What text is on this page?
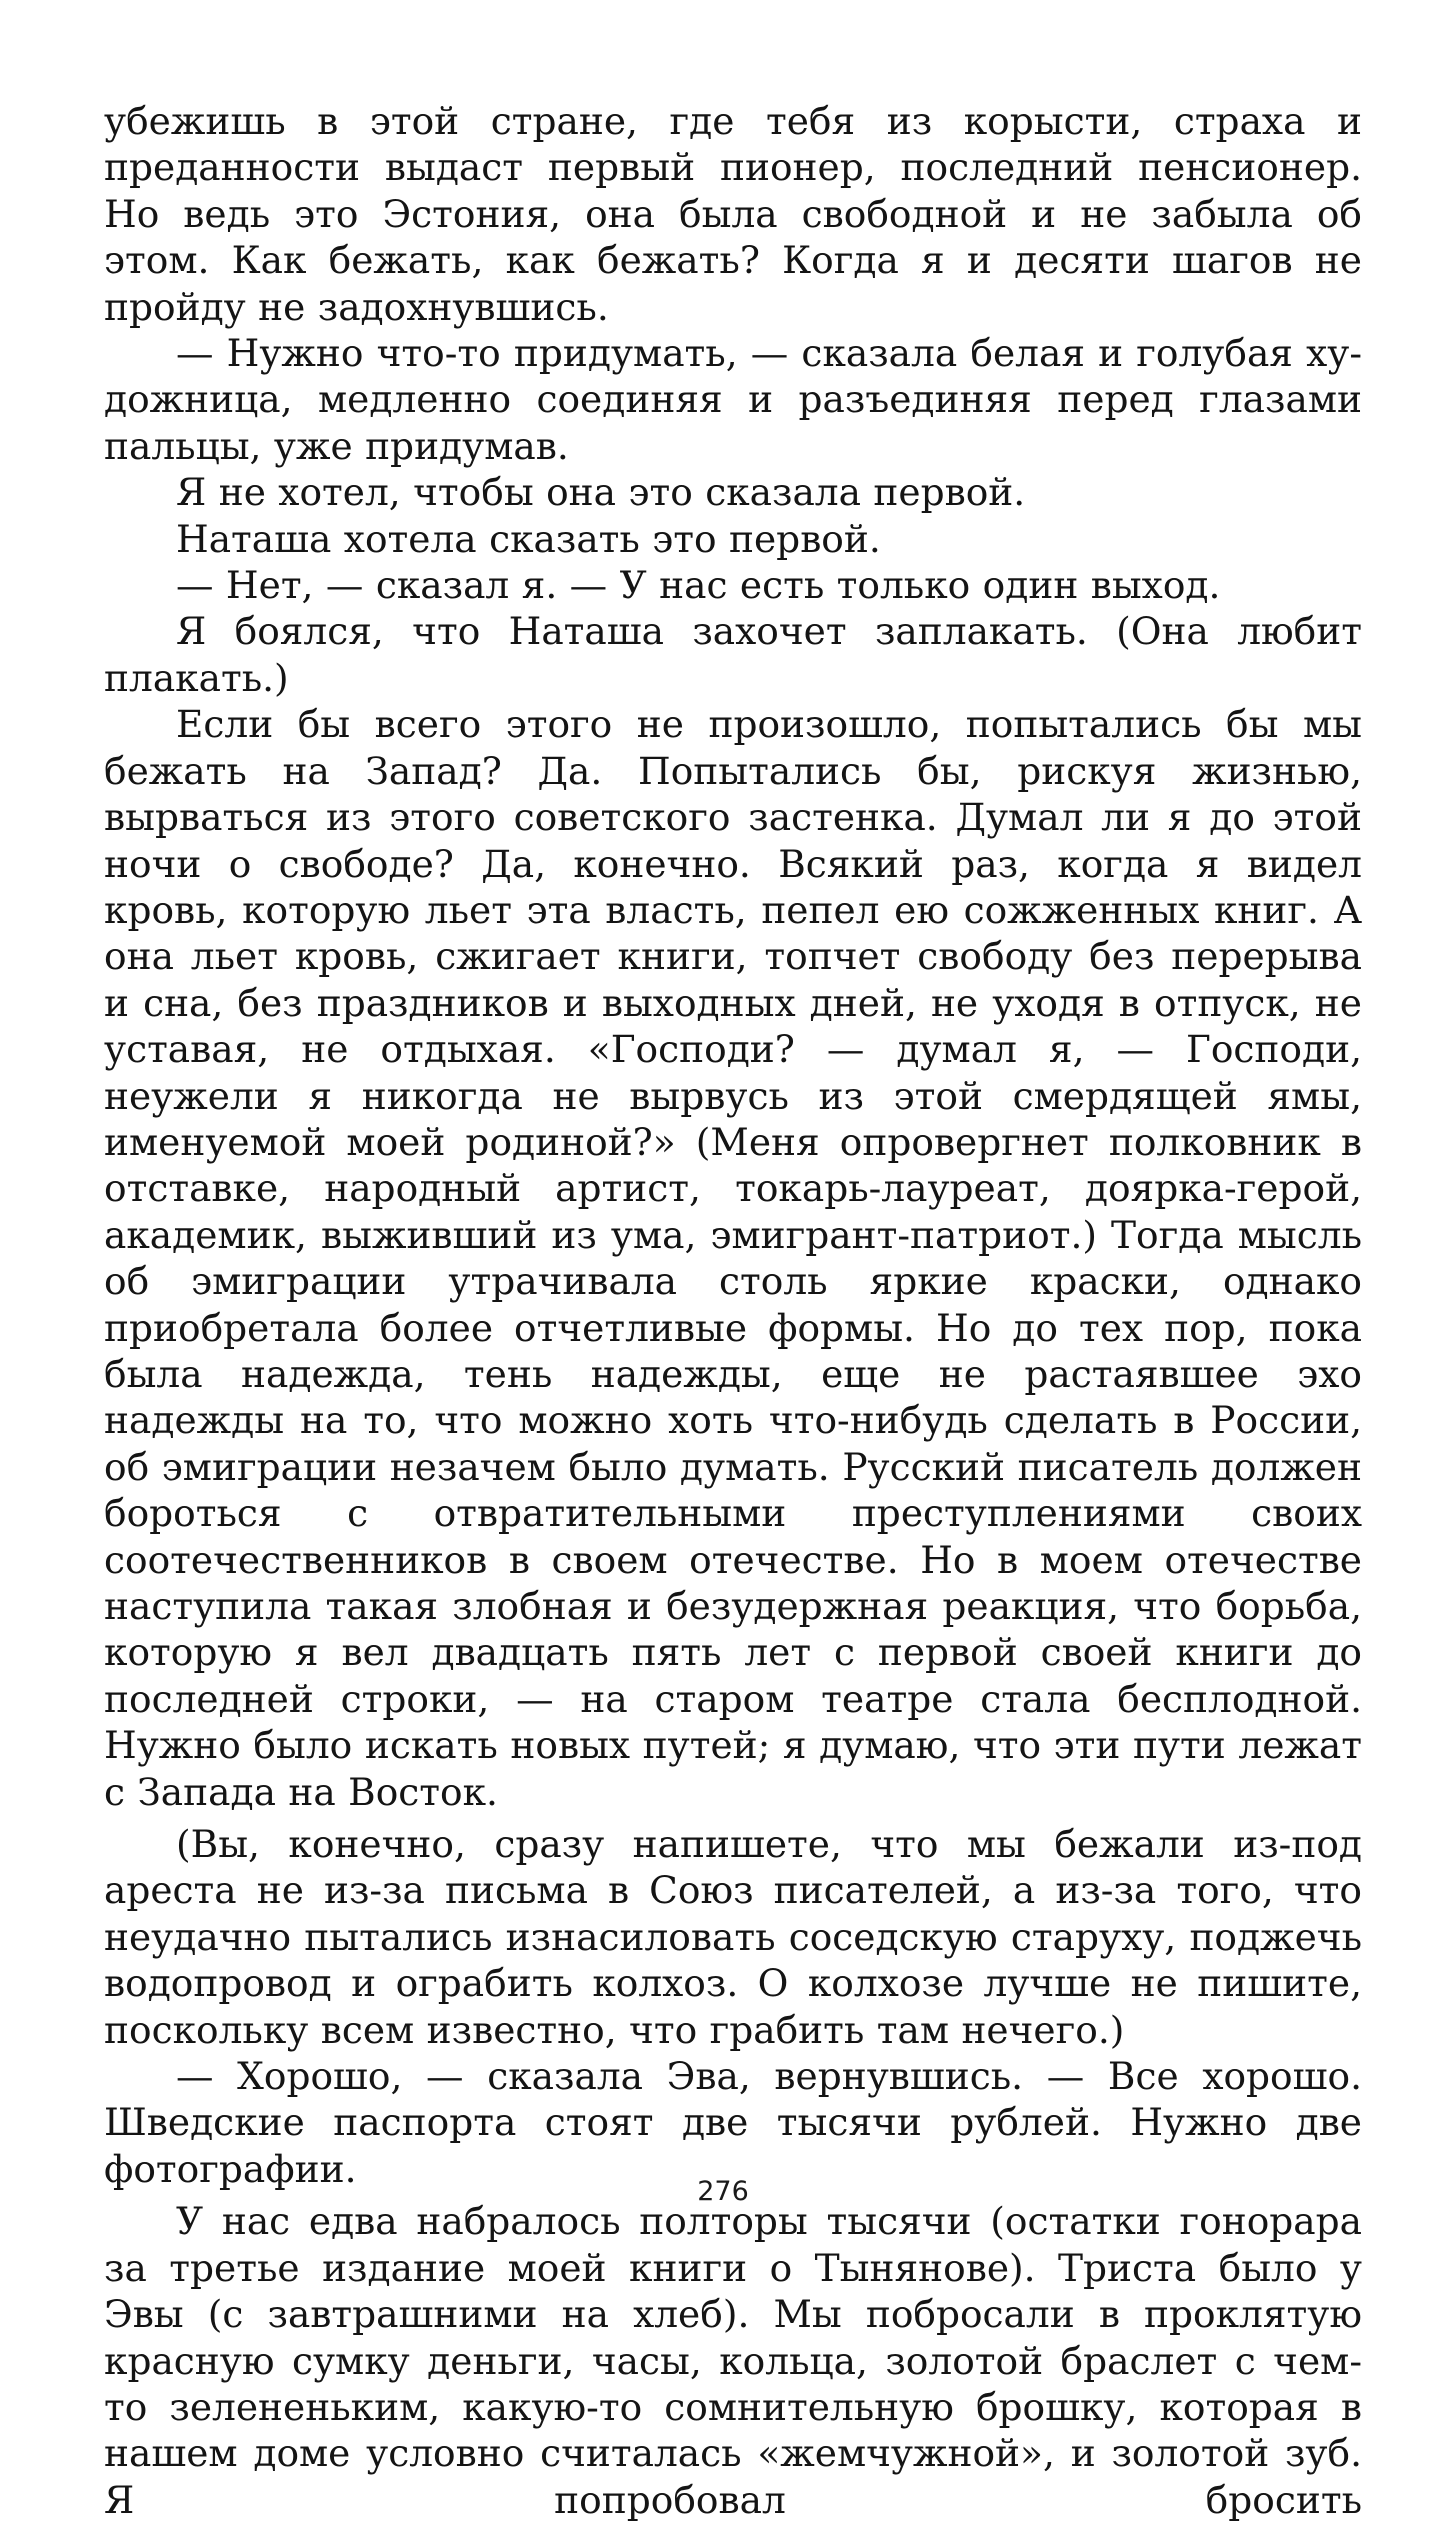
убежишь в этой стране, где тебя из корысти, страха и преданности выдаст первый пионер, последний пенсионер. Но ведь это Эстония, она была свободной и не забыла об этом. Как бежать, как бежать? Когда я и десяти шагов не пройду не задохнувшись.

— Нужно что-то придумать, — сказала белая и голубая художница, медленно соединяя и разъединяя перед глазами пальцы, уже придумав.

Я не хотел, чтобы она это сказала первой.

Наташа хотела сказать это первой.

— Нет, — сказал я. — У нас есть только один выход.

Я боялся, что Наташа захочет заплакать. (Она любит плакать.)

Если бы всего этого не произошло, попытались бы мы бежать на Запад? Да. Попытались бы, рискуя жизнью, вырваться из этого советского застенка. Думал ли я до этой ночи о свободе? Да, конечно. Всякий раз, когда я видел кровь, которую льет эта власть, пепел ею сожженных книг. А она льет кровь, сжигает книги, топчет свободу без перерыва и сна, без праздников и выходных дней, не уходя в отпуск, не уставая, не отдыхая. «Господи? — думал я, — Господи, неужели я никогда не вырвусь из этой смердящей ямы, именуемой моей родиной?» (Меня опровергнет полковник в отставке, народный артист, токарь-лауреат, доярка-герой, академик, выживший из ума, эмигрант-патриот.) Тогда мысль об эмиграции утрачивала столь яркие краски, однако приобретала более отчетливые формы. Но до тех пор, пока была надежда, тень надежды, еще не растаявшее эхо надежды на то, что можно хоть что-нибудь сделать в России, об эмиграции незачем было думать. Русский писатель должен бороться с отвратительными преступлениями своих соотечественников в своем отечестве. Но в моем отечестве наступила такая злобная и безудержная реакция, что борьба, которую я вел двадцать пять лет с первой своей книги до последней строки, — на старом театре стала бесплодной. Нужно было искать новых путей; я думаю, что эти пути лежат с Запада на Восток.

(Вы, конечно, сразу напишете, что мы бежали из-под ареста не из-за письма в Союз писателей, а из-за того, что неудачно пытались изнасиловать соседскую старуху, поджечь водопровод и ограбить колхоз. О колхозе лучше не пишите, поскольку всем известно, что грабить там нечего.)

— Хорошо, — сказала Эва, вернувшись. — Все хорошо. Шведские паспорта стоят две тысячи рублей. Нужно две фотографии.

У нас едва набралось полторы тысячи (остатки гонорара за третье издание моей книги о Тынянове). Триста было у Эвы (с завтрашними на хлеб). Мы побросали в проклятую красную сумку деньги, часы, кольца, золотой браслет с чем-то зелененьким, какую-то сомнительную брошку, которая в нашем доме условно считалась «жемчужной», и золотой зуб. Я попробовал бросить

276
